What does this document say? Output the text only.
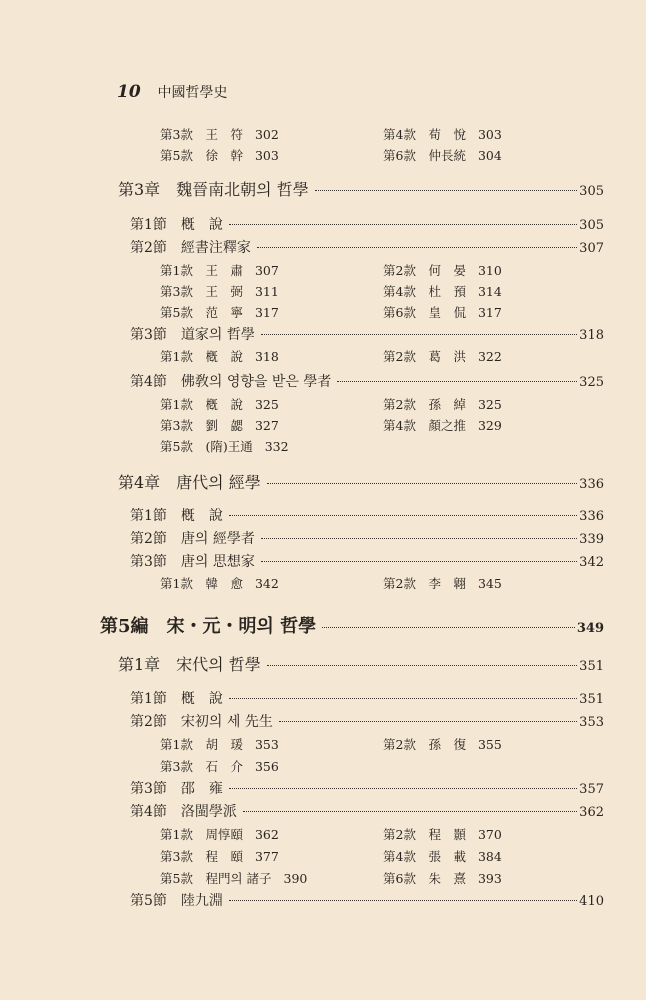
10 中國哲學史
第3款　王　符 302	第4款　荀　悅 303
第5款　徐　幹 303	第6款　仲長統 304
第3章　魏晉南北朝의 哲學	305
第1節　槪　說	305
第2節　經書注釋家	307
第1款　王　肅 307	第2款　何　晏 310
第3款　王　弼 311	第4款　杜　預 314
第5款　范　寧 317	第6款　皇　侃 317
第3節　道家의 哲學	318
第1款　槪　說 318	第2款　葛　洪 322
第4節　佛敎의 영향을 받은 學者	325
第1款　槪　說 325	第2款　孫　綽 325
第3款　劉　勰 327	第4款　顏之推 329
第5款　(隋)王通 332
第4章　唐代의 經學	336
第1節　槪　說	336
第2節　唐의 經學者	339
第3節　唐의 思想家	342
第1款　韓　愈 342	第2款　李　翺 345
第5編　宋・元・明의 哲學	349
第1章　宋代의 哲學	351
第1節　槪　說	351
第2節　宋初의 세 先生	353
第1款　胡　瑗 353	第2款　孫　復 355
第3款　石　介 356
第3節　邵　雍	357
第4節　洛閩學派	362
第1款　周惇頤 362	第2款　程　顥 370
第3款　程　頤 377	第4款　張　載 384
第5款　程門의 諸子 390	第6款　朱　熹 393
第5節　陸九淵	410
